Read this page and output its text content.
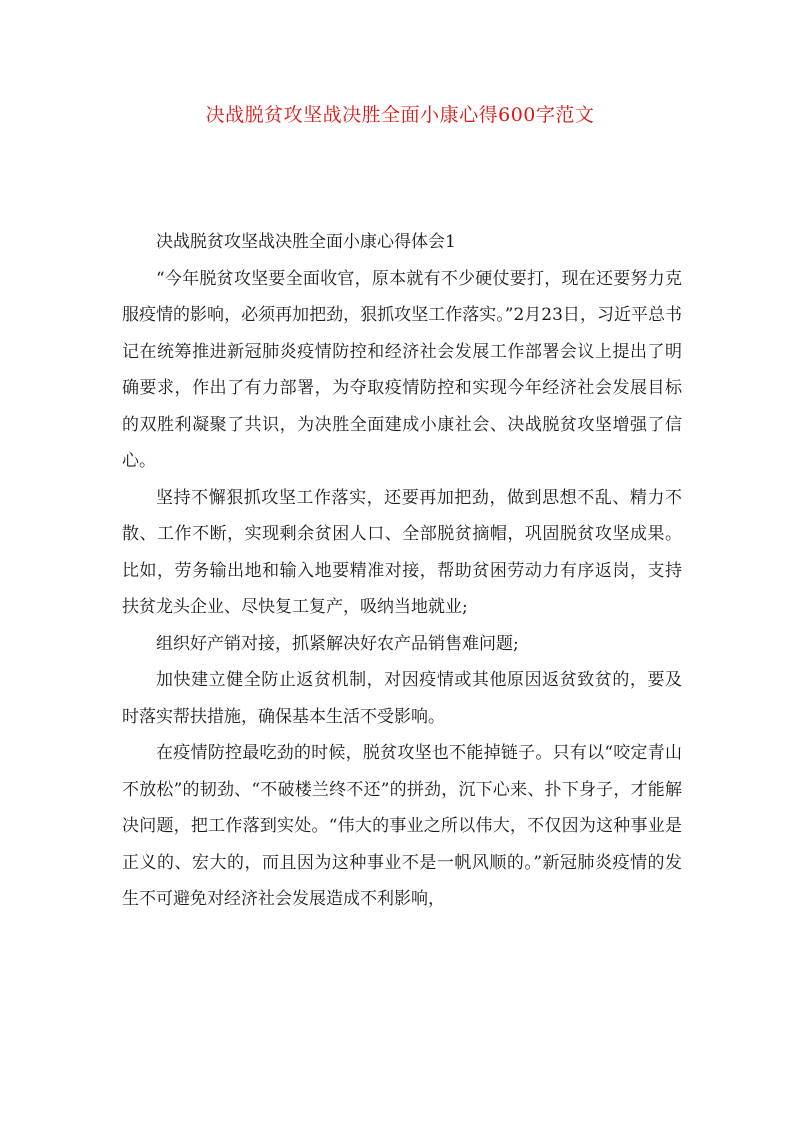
决战脱贫攻坚战决胜全面小康心得600字范文

决战脱贫攻坚战决胜全面小康心得体会1

“今年脱贫攻坚要全面收官，原本就有不少硬仗要打，现在还要努力克服疫情的影响，必须再加把劲，狠抓攻坚工作落实。”2月23日，习近平总书记在统筹推进新冠肺炎疫情防控和经济社会发展工作部署会议上提出了明确要求，作出了有力部署，为夺取疫情防控和实现今年经济社会发展目标的双胜利凝聚了共识，为决胜全面建成小康社会、决战脱贫攻坚增强了信心。

坚持不懈狠抓攻坚工作落实，还要再加把劲，做到思想不乱、精力不散、工作不断，实现剩余贫困人口、全部脱贫摘帽，巩固脱贫攻坚成果。比如，劳务输出地和输入地要精准对接，帮助贫困劳动力有序返岗，支持扶贫龙头企业、尽快复工复产，吸纳当地就业;

组织好产销对接，抓紧解决好农产品销售难问题;

加快建立健全防止返贫机制，对因疫情或其他原因返贫致贫的，要及时落实帮扶措施，确保基本生活不受影响。

在疫情防控最吃劲的时候，脱贫攻坚也不能掉链子。只有以“咬定青山不放松”的韧劲、“不破楼兰终不还”的拼劲，沉下心来、扑下身子，才能解决问题，把工作落到实处。“伟大的事业之所以伟大，不仅因为这种事业是正义的、宏大的，而且因为这种事业不是一帆风顺的。”新冠肺炎疫情的发生不可避免对经济社会发展造成不利影响，
